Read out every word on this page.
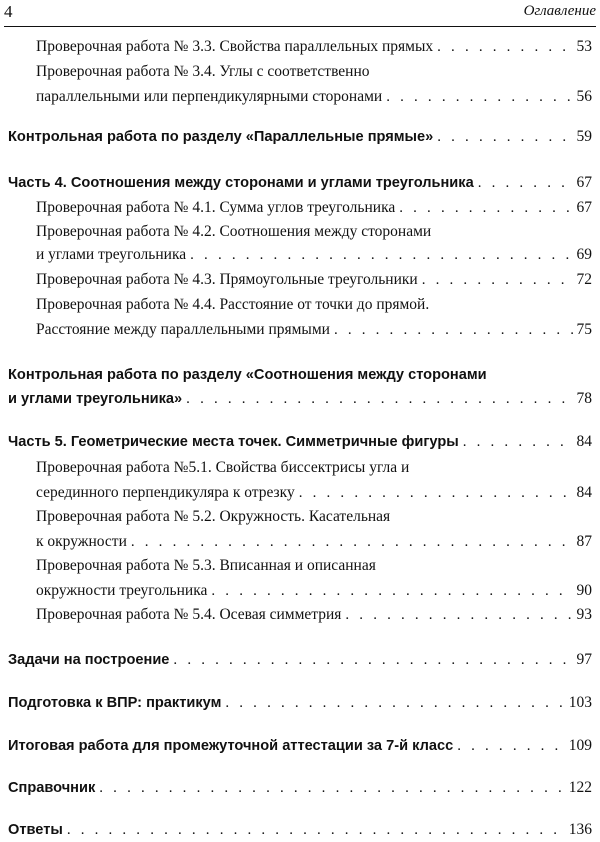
4	Оглавление
Проверочная работа № 3.3. Свойства параллельных прямых . . .	53
Проверочная работа № 3.4. Углы с соответственно
параллельными или перпендикулярными сторонами . . .	56
Контрольная работа по разделу «Параллельные прямые» . . .	59
Часть 4. Соотношения между сторонами и углами треугольника . . .	67
Проверочная работа № 4.1. Сумма углов треугольника . . .	67
Проверочная работа № 4.2. Соотношения между сторонами
и углами треугольника . . .	69
Проверочная работа № 4.3. Прямоугольные треугольники . . .	72
Проверочная работа № 4.4. Расстояние от точки до прямой.
Расстояние между параллельными прямыми . . .	75
Контрольная работа по разделу «Соотношения между сторонами
и углами треугольника» . . .	78
Часть 5. Геометрические места точек. Симметричные фигуры . . .	84
Проверочная работа №5.1. Свойства биссектрисы угла и
серединного перпендикуляра к отрезку . . .	84
Проверочная работа № 5.2. Окружность. Касательная
к окружности . . .	87
Проверочная работа № 5.3. Вписанная и описанная
окружности треугольника . . .	90
Проверочная работа № 5.4. Осевая симметрия . . .	93
Задачи на построение . . .	97
Подготовка к ВПР: практикум . . .	103
Итоговая работа для промежуточной аттестации за 7-й класс . . .	109
Справочник . . .	122
Ответы . . .	136
